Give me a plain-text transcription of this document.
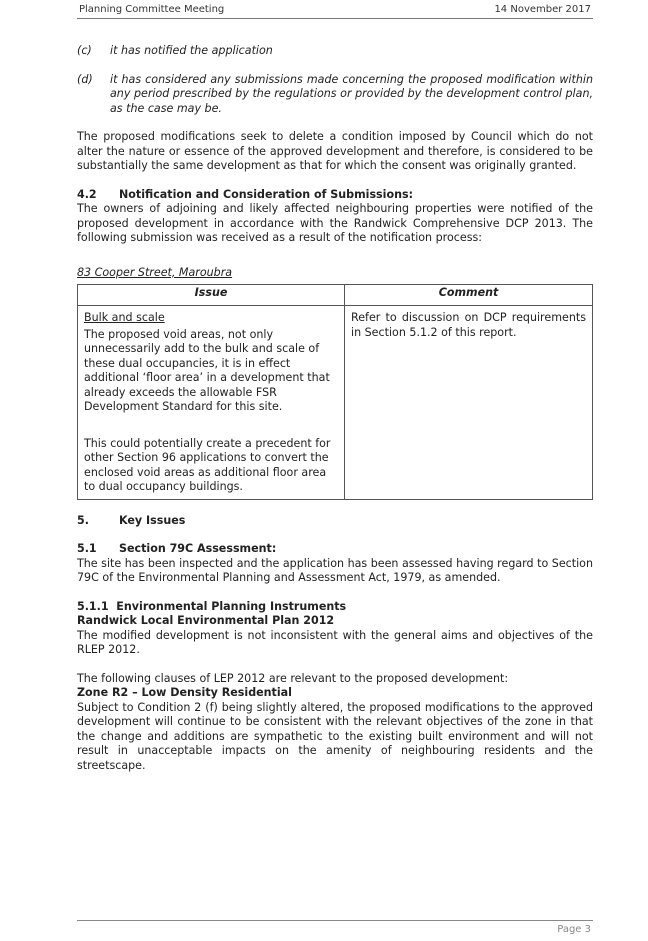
Planning Committee Meeting	14 November 2017
(c) it has notified the application
(d) it has considered any submissions made concerning the proposed modification within any period prescribed by the regulations or provided by the development control plan, as the case may be.

The proposed modifications seek to delete a condition imposed by Council which do not alter the nature or essence of the approved development and therefore, is considered to be substantially the same development as that for which the consent was originally granted.

4.2 Notification and Consideration of Submissions:

The owners of adjoining and likely affected neighbouring properties were notified of the proposed development in accordance with the Randwick Comprehensive DCP 2013. The following submission was received as a result of the notification process:

83 Cooper Street, Maroubra
Issue	Comment

Bulk and scale
The proposed void areas, not only unnecessarily add to the bulk and scale of these dual occupancies, it is in effect additional ‘floor area’ in a development that already exceeds the allowable FSR Development Standard for this site.
This could potentially create a precedent for other Section 96 applications to convert the enclosed void areas as additional floor area to dual occupancy buildings.	Refer to discussion on DCP requirements in Section 5.1.2 of this report.
5.	Key Issues
5.1 Section 79C Assessment:

The site has been inspected and the application has been assessed having regard to Section 79C of the Environmental Planning and Assessment Act, 1979, as amended.

5.1.1  Environmental Planning Instruments
Randwick Local Environmental Plan 2012

The modified development is not inconsistent with the general aims and objectives of the RLEP 2012.

The following clauses of LEP 2012 are relevant to the proposed development:
Zone R2 – Low Density Residential

Subject to Condition 2 (f) being slightly altered, the proposed modifications to the approved development will continue to be consistent with the relevant objectives of the zone in that the change and additions are sympathetic to the existing built environment and will not result in unacceptable impacts on the amenity of neighbouring residents and the streetscape.

Page 3
